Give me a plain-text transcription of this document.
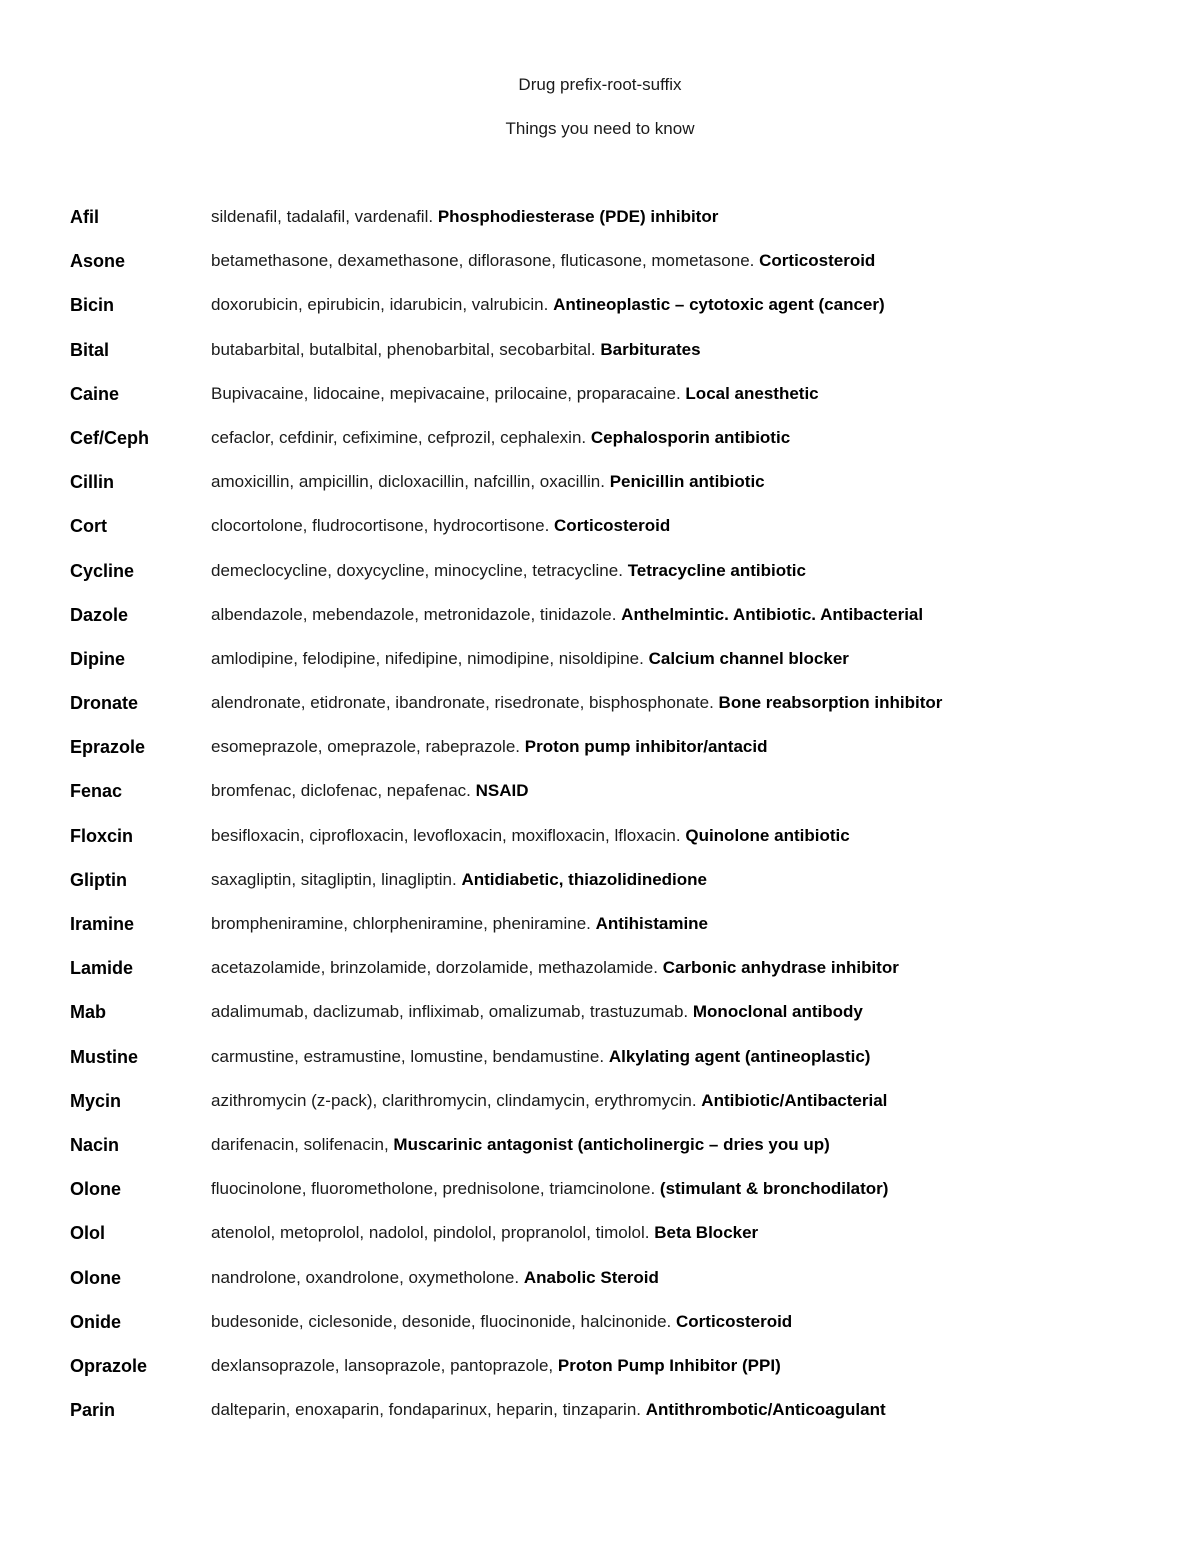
Drug prefix-root-suffix
Things you need to know
Afil	sildenafil, tadalafil, vardenafil. Phosphodiesterase (PDE) inhibitor
Asone	betamethasone, dexamethasone, diflorasone, fluticasone, mometasone. Corticosteroid
Bicin	doxorubicin, epirubicin, idarubicin, valrubicin. Antineoplastic – cytotoxic agent (cancer)
Bital	butabarbital, butalbital, phenobarbital, secobarbital. Barbiturates
Caine	Bupivacaine, lidocaine, mepivacaine, prilocaine, proparacaine. Local anesthetic
Cef/Ceph	cefaclor, cefdinir, cefiximine, cefprozil, cephalexin. Cephalosporin antibiotic
Cillin	amoxicillin, ampicillin, dicloxacillin, nafcillin, oxacillin. Penicillin antibiotic
Cort	clocortolone, fludrocortisone, hydrocortisone. Corticosteroid
Cycline	demeclocycline, doxycycline, minocycline, tetracycline. Tetracycline antibiotic
Dazole	albendazole, mebendazole, metronidazole, tinidazole. Anthelmintic. Antibiotic. Antibacterial
Dipine	amlodipine, felodipine, nifedipine, nimodipine, nisoldipine. Calcium channel blocker
Dronate	alendronate, etidronate, ibandronate, risedronate, bisphosphonate. Bone reabsorption inhibitor
Eprazole	esomeprazole, omeprazole, rabeprazole. Proton pump inhibitor/antacid
Fenac	bromfenac, diclofenac, nepafenac. NSAID
Floxcin	besifloxacin, ciprofloxacin, levofloxacin, moxifloxacin, lfloxacin. Quinolone antibiotic
Gliptin	saxagliptin, sitagliptin, linagliptin. Antidiabetic, thiazolidinedione
Iramine	brompheniramine, chlorpheniramine, pheniramine. Antihistamine
Lamide	acetazolamide, brinzolamide, dorzolamide, methazolamide. Carbonic anhydrase inhibitor
Mab	adalimumab, daclizumab, infliximab, omalizumab, trastuzumab. Monoclonal antibody
Mustine	carmustine, estramustine, lomustine, bendamustine. Alkylating agent (antineoplastic)
Mycin	azithromycin (z-pack), clarithromycin, clindamycin, erythromycin. Antibiotic/Antibacterial
Nacin	darifenacin, solifenacin, Muscarinic antagonist (anticholinergic – dries you up)
Olone	fluocinolone, fluorometholone, prednisolone, triamcinolone. (stimulant & bronchodilator)
Olol	atenolol, metoprolol, nadolol, pindolol, propranolol, timolol. Beta Blocker
Olone	nandrolone, oxandrolone, oxymetholone. Anabolic Steroid
Onide	budesonide, ciclesonide, desonide, fluocinonide, halcinonide. Corticosteroid
Oprazole	dexlansoprazole, lansoprazole, pantoprazole, Proton Pump Inhibitor (PPI)
Parin	dalteparin, enoxaparin, fondaparinux, heparin, tinzaparin. Antithrombotic/Anticoagulant
